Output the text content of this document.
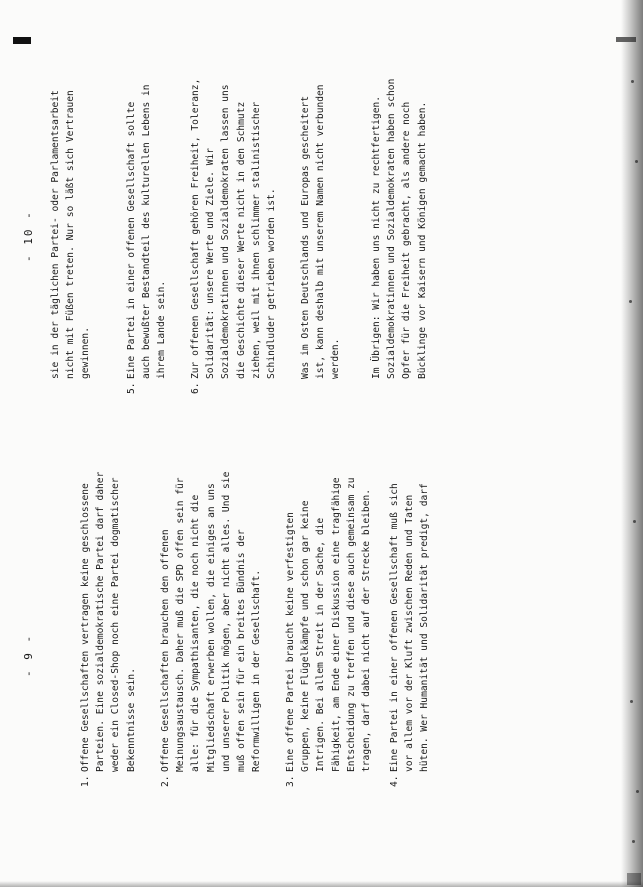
- 9 -
1.
Offene Gesellschaften vertragen keine geschlossene Parteien. Eine sozialdemokratische Partei darf daher weder ein Closed-Shop noch eine Partei dogmatischer Bekenntnisse sein.
2.
Offene Gesellschaften brauchen den offenen Meinungsaustausch. Daher muß die SPD offen sein für alle: für die Sympathisanten, die noch nicht die Mitgliedschaft erwerben wollen, die einiges an uns und unserer Politik mögen, aber nicht alles. Und sie muß offen sein für ein breites Bündnis der Reformwilligen in der Gesellschaft.
3.
Eine offene Partei braucht keine verfestigten Gruppen, keine Flügelkämpfe und schon gar keine Intrigen. Bei allem Streit in der Sache, die Fähigkeit, am Ende einer Diskussion eine tragfähige Entscheidung zu treffen und diese auch gemeinsam zu tragen, darf dabei nicht auf der Strecke bleiben.
4.
Eine Partei in einer offenen Gesellschaft muß sich vor allem vor der Kluft zwischen Reden und Taten hüten. Wer Humanität und Solidarität predigt, darf
- 10 - sie in der täglichen Partei- oder Parlamentsarbeit nicht mit Füßen treten. Nur so läßt sich Vertrauen gewinnen.
5.
Eine Partei in einer offenen Gesellschaft sollte auch bewußter Bestandteil des kulturellen Lebens in ihrem Lande sein.
6.
Zur offenen Gesellschaft gehören Freiheit, Toleranz, Solidarität: unsere Werte und Ziele. Wir Sozialdemokratinnen und Sozialdemokraten lassen uns die Geschichte dieser Werte nicht in den Schmutz ziehen, weil mit ihnen schlimmer stalinistischer Schindluder getrieben worden ist. Was im Osten Deutschlands und Europas gescheitert ist, kann deshalb mit unserem Namen nicht verbunden werden.	Im Übrigen: Wir haben uns nicht zu rechtfertigen. Sozialdemokratinnen und Sozialdemokraten haben schon Opfer für die Freiheit gebracht, als andere noch Bücklinge vor Kaisern und Königen gemacht haben.
